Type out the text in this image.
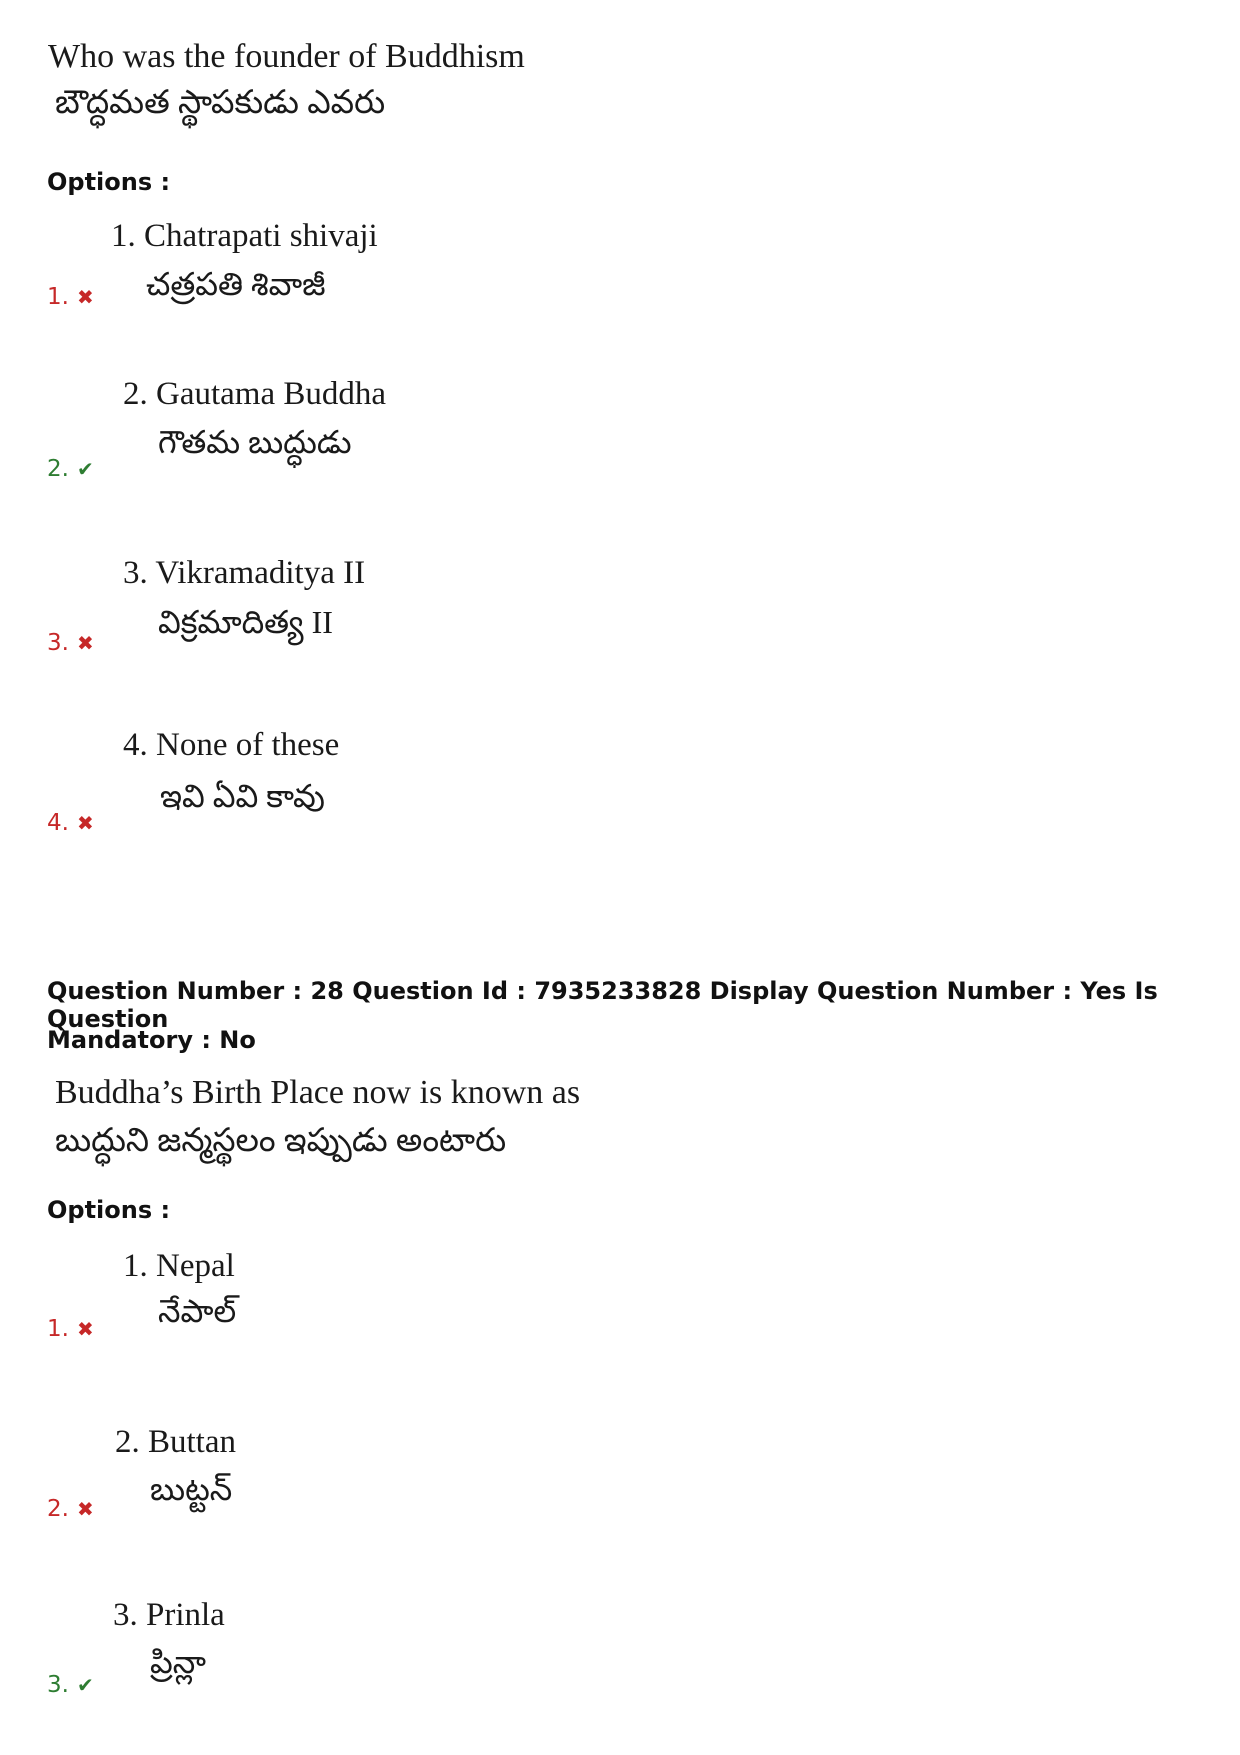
Who was the founder of Buddhism
బౌద్ధమత స్థాపకుడు ఎవరు
Options :
1. Chatrapati shivaji
చత్రపతి శివాజీ
1. ✖
2. Gautama Buddha
గౌతమ బుద్ధుడు
2. ✔
3. Vikramaditya II
విక్రమాదిత్య II
3. ✖
4. None of these
ఇవి ఏవి కావు
4. ✖
Question Number : 28 Question Id : 7935233828 Display Question Number : Yes Is Question
Mandatory : No
Buddha’s Birth Place now is known as
బుద్ధుని జన్మస్థలం ఇప్పుడు అంటారు
Options :
1. Nepal
నేపాల్
1. ✖
2. Buttan
బుట్టన్
2. ✖
3. Prinla
ప్రిన్లా
3. ✔
